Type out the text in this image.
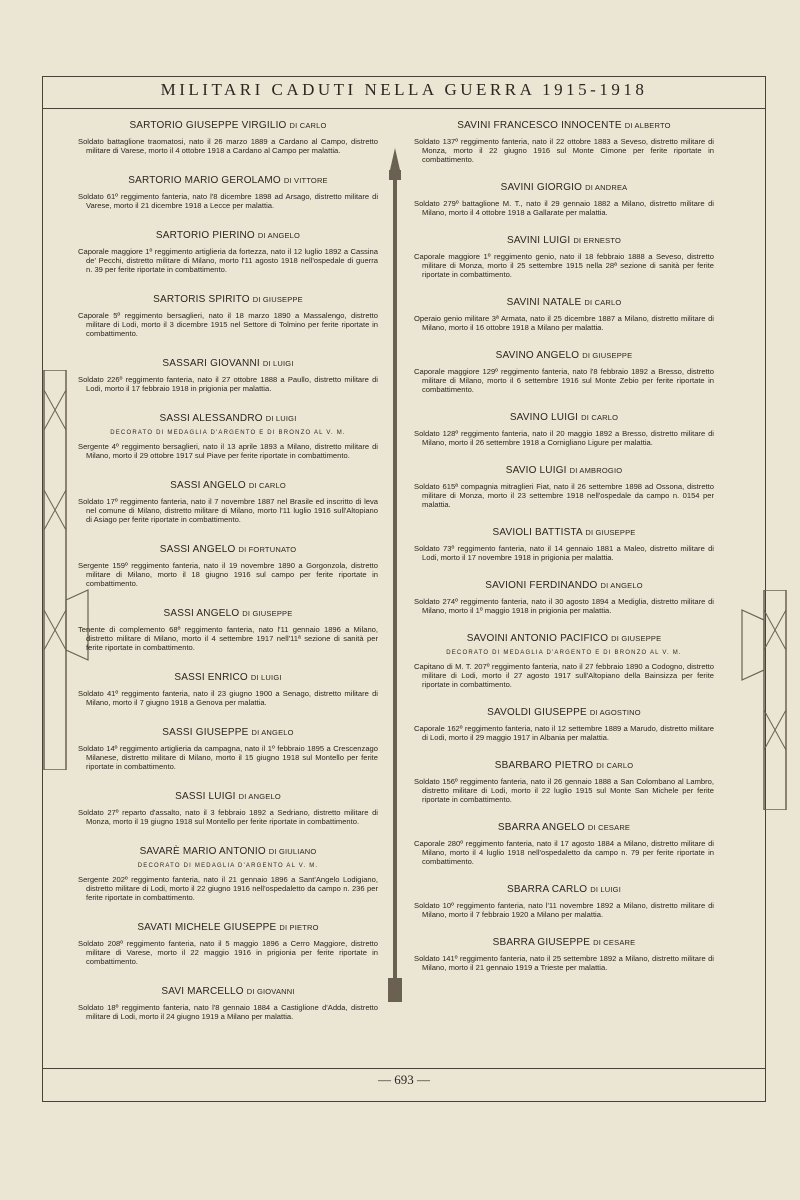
MILITARI CADUTI NELLA GUERRA 1915-1918
SARTORIO GIUSEPPE VIRGILIO DI CARLO
Soldato battaglione traomatosi, nato il 26 marzo 1889 a Cardano al Campo, distretto militare di Varese, morto il 4 ottobre 1918 a Cardano al Campo per malattia.
SARTORIO MARIO GEROLAMO DI VITTORE
Soldato 61º reggimento fanteria, nato l'8 dicembre 1898 ad Arsago, distretto militare di Varese, morto il 21 dicembre 1918 a Lecce per malattia.
SARTORIO PIERINO DI ANGELO
Caporale maggiore 1º reggimento artiglieria da fortezza, nato il 12 luglio 1892 a Cassina de' Pecchi, distretto militare di Milano, morto l'11 agosto 1918 nell'ospedale di guerra n. 39 per ferite riportate in combattimento.
SARTORIS SPIRITO DI GIUSEPPE
Caporale 5º reggimento bersaglieri, nato il 18 marzo 1890 a Massalengo, distretto militare di Lodi, morto il 3 dicembre 1915 nel Settore di Tolmino per ferite riportate in combattimento.
SASSARI GIOVANNI DI LUIGI
Soldato 226º reggimento fanteria, nato il 27 ottobre 1888 a Paullo, distretto militare di Lodi, morto il 17 febbraio 1918 in prigionia per malattia.
SASSI ALESSANDRO DI LUIGI
DECORATO DI MEDAGLIA D'ARGENTO E DI BRONZO AL V. M.
Sergente 4º reggimento bersaglieri, nato il 13 aprile 1893 a Milano, distretto militare di Milano, morto il 29 ottobre 1917 sul Piave per ferite riportate in combattimento.
SASSI ANGELO DI CARLO
Soldato 17º reggimento fanteria, nato il 7 novembre 1887 nel Brasile ed inscritto di leva nel comune di Milano, distretto militare di Milano, morto l'11 luglio 1916 sull'Altopiano di Asiago per ferite riportate in combattimento.
SASSI ANGELO DI FORTUNATO
Sergente 159º reggimento fanteria, nato il 19 novembre 1890 a Gorgonzola, distretto militare di Milano, morto il 18 giugno 1916 sul campo per ferite riportate in combattimento.
SASSI ANGELO DI GIUSEPPE
Tenente di complemento 68º reggimento fanteria, nato l'11 gennaio 1896 a Milano, distretto militare di Milano, morto il 4 settembre 1917 nell'11ª sezione di sanità per ferite riportate in combattimento.
SASSI ENRICO DI LUIGI
Soldato 41º reggimento fanteria, nato il 23 giugno 1900 a Senago, distretto militare di Milano, morto il 7 giugno 1918 a Genova per malattia.
SASSI GIUSEPPE DI ANGELO
Soldato 14º reggimento artiglieria da campagna, nato il 1º febbraio 1895 a Crescenzago Milanese, distretto militare di Milano, morto il 15 giugno 1918 sul Montello per ferite riportate in combattimento.
SASSI LUIGI DI ANGELO
Soldato 27º reparto d'assalto, nato il 3 febbraio 1892 a Sedriano, distretto militare di Monza, morto il 19 giugno 1918 sul Montello per ferite riportate in combattimento.
SAVARÈ MARIO ANTONIO DI GIULIANO
DECORATO DI MEDAGLIA D'ARGENTO AL V. M.
Sergente 202º reggimento fanteria, nato il 21 gennaio 1896 a Sant'Angelo Lodigiano, distretto militare di Lodi, morto il 22 giugno 1916 nell'ospedaletto da campo n. 236 per ferite riportate in combattimento.
SAVATI MICHELE GIUSEPPE DI PIETRO
Soldato 208º reggimento fanteria, nato il 5 maggio 1896 a Cerro Maggiore, distretto militare di Varese, morto il 22 maggio 1916 in prigionia per ferite riportate in combattimento.
SAVI MARCELLO DI GIOVANNI
Soldato 18º reggimento fanteria, nato l'8 gennaio 1884 a Castiglione d'Adda, distretto militare di Lodi, morto il 24 giugno 1919 a Milano per malattia.
SAVINI FRANCESCO INNOCENTE DI ALBERTO
Soldato 137º reggimento fanteria, nato il 22 ottobre 1883 a Seveso, distretto militare di Monza, morto il 22 giugno 1916 sul Monte Cimone per ferite riportate in combattimento.
SAVINI GIORGIO DI ANDREA
Soldato 279º battaglione M. T., nato il 29 gennaio 1882 a Milano, distretto militare di Milano, morto il 4 ottobre 1918 a Gallarate per malattia.
SAVINI LUIGI DI ERNESTO
Caporale maggiore 1º reggimento genio, nato il 18 febbraio 1888 a Seveso, distretto militare di Monza, morto il 25 settembre 1915 nella 28ª sezione di sanità per ferite riportate in combattimento.
SAVINI NATALE DI CARLO
Operaio genio militare 3ª Armata, nato il 25 dicembre 1887 a Milano, distretto militare di Milano, morto il 16 ottobre 1918 a Milano per malattia.
SAVINO ANGELO DI GIUSEPPE
Caporale maggiore 129º reggimento fanteria, nato l'8 febbraio 1892 a Bresso, distretto militare di Milano, morto il 6 settembre 1916 sul Monte Zebio per ferite riportate in combattimento.
SAVINO LUIGI DI CARLO
Soldato 128º reggimento fanteria, nato il 20 maggio 1892 a Bresso, distretto militare di Milano, morto il 26 settembre 1918 a Cornigliano Ligure per malattia.
SAVIO LUIGI DI AMBROGIO
Soldato 615ª compagnia mitraglieri Fiat, nato il 26 settembre 1898 ad Ossona, distretto militare di Monza, morto il 23 settembre 1918 nell'ospedale da campo n. 0154 per malattia.
SAVIOLI BATTISTA DI GIUSEPPE
Soldato 73º reggimento fanteria, nato il 14 gennaio 1881 a Maleo, distretto militare di Lodi, morto il 17 novembre 1918 in prigionia per malattia.
SAVIONI FERDINANDO DI ANGELO
Soldato 274º reggimento fanteria, nato il 30 agosto 1894 a Mediglia, distretto militare di Milano, morto il 1º maggio 1918 in prigionia per malattia.
SAVOINI ANTONIO PACIFICO DI GIUSEPPE
DECORATO DI MEDAGLIA D'ARGENTO E DI BRONZO AL V. M.
Capitano di M. T. 207º reggimento fanteria, nato il 27 febbraio 1890 a Codogno, distretto militare di Lodi, morto il 27 agosto 1917 sull'Altopiano della Bainsizza per ferite riportate in combattimento.
SAVOLDI GIUSEPPE DI AGOSTINO
Caporale 162º reggimento fanteria, nato il 12 settembre 1889 a Marudo, distretto militare di Lodi, morto il 29 maggio 1917 in Albania per malattia.
SBARBARO PIETRO DI CARLO
Soldato 156º reggimento fanteria, nato il 26 gennaio 1888 a San Colombano al Lambro, distretto militare di Lodi, morto il 22 luglio 1915 sul Monte San Michele per ferite riportate in combattimento.
SBARRA ANGELO DI CESARE
Caporale 280º reggimento fanteria, nato il 17 agosto 1884 a Milano, distretto militare di Milano, morto il 4 luglio 1918 nell'ospedaletto da campo n. 79 per ferite riportate in combattimento.
SBARRA CARLO DI LUIGI
Soldato 10º reggimento fanteria, nato l'11 novembre 1892 a Milano, distretto militare di Milano, morto il 7 febbraio 1920 a Milano per malattia.
SBARRA GIUSEPPE DI CESARE
Soldato 141º reggimento fanteria, nato il 25 settembre 1892 a Milano, distretto militare di Milano, morto il 21 gennaio 1919 a Trieste per malattia.
— 693 —
